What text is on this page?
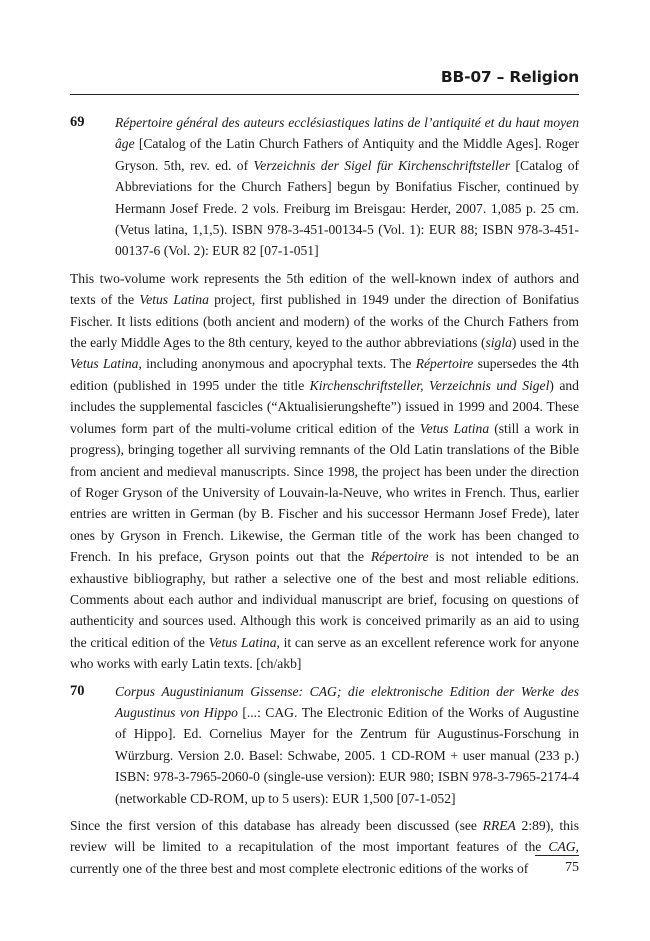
BB-07 – Religion
69 Répertoire général des auteurs ecclésiastiques latins de l’antiquité et du haut moyen âge [Catalog of the Latin Church Fathers of Antiquity and the Middle Ages]. Roger Gryson. 5th, rev. ed. of Verzeichnis der Sigel für Kirchenschriftsteller [Catalog of Abbreviations for the Church Fathers] begun by Bonifatius Fischer, continued by Hermann Josef Frede. 2 vols. Freiburg im Breisgau: Herder, 2007. 1,085 p. 25 cm. (Vetus latina, 1,1,5). ISBN 978-3-451-00134-5 (Vol. 1): EUR 88; ISBN 978-3-451-00137-6 (Vol. 2): EUR 82 [07-1-051]

This two-volume work represents the 5th edition of the well-known index of authors and texts of the Vetus Latina project, first published in 1949 under the direction of Bonifatius Fischer. It lists editions (both ancient and modern) of the works of the Church Fathers from the early Middle Ages to the 8th century, keyed to the author abbreviations (sigla) used in the Vetus Latina, including anonymous and apocryphal texts. The Répertoire supersedes the 4th edition (published in 1995 under the title Kirchenschriftsteller, Verzeichnis und Sigel) and includes the supplemental fascicles (“Aktualisierungshefte”) issued in 1999 and 2004. These volumes form part of the multi-volume critical edition of the Vetus Latina (still a work in progress), bringing together all surviving remnants of the Old Latin translations of the Bible from ancient and medieval manuscripts. Since 1998, the project has been under the direction of Roger Gryson of the University of Louvain-la-Neuve, who writes in French. Thus, earlier entries are written in German (by B. Fischer and his successor Hermann Josef Frede), later ones by Gryson in French. Likewise, the German title of the work has been changed to French. In his preface, Gryson points out that the Répertoire is not intended to be an exhaustive bibliography, but rather a selective one of the best and most reliable editions. Comments about each author and individual manuscript are brief, focusing on questions of authenticity and sources used. Although this work is conceived primarily as an aid to using the critical edition of the Vetus Latina, it can serve as an excellent reference work for anyone who works with early Latin texts. [ch/akb]

70 Corpus Augustinianum Gissense: CAG; die elektronische Edition der Werke des Augustinus von Hippo [...: CAG. The Electronic Edition of the Works of Augustine of Hippo]. Ed. Cornelius Mayer for the Zentrum für Augustinus-Forschung in Würzburg. Version 2.0. Basel: Schwabe, 2005. 1 CD-ROM + user manual (233 p.) ISBN: 978-3-7965-2060-0 (single-use version): EUR 980; ISBN 978-3-7965-2174-4 (networkable CD-ROM, up to 5 users): EUR 1,500 [07-1-052]

Since the first version of this database has already been discussed (see RREA 2:89), this review will be limited to a recapitulation of the most important features of the CAG, currently one of the three best and most complete electronic editions of the works of	75
